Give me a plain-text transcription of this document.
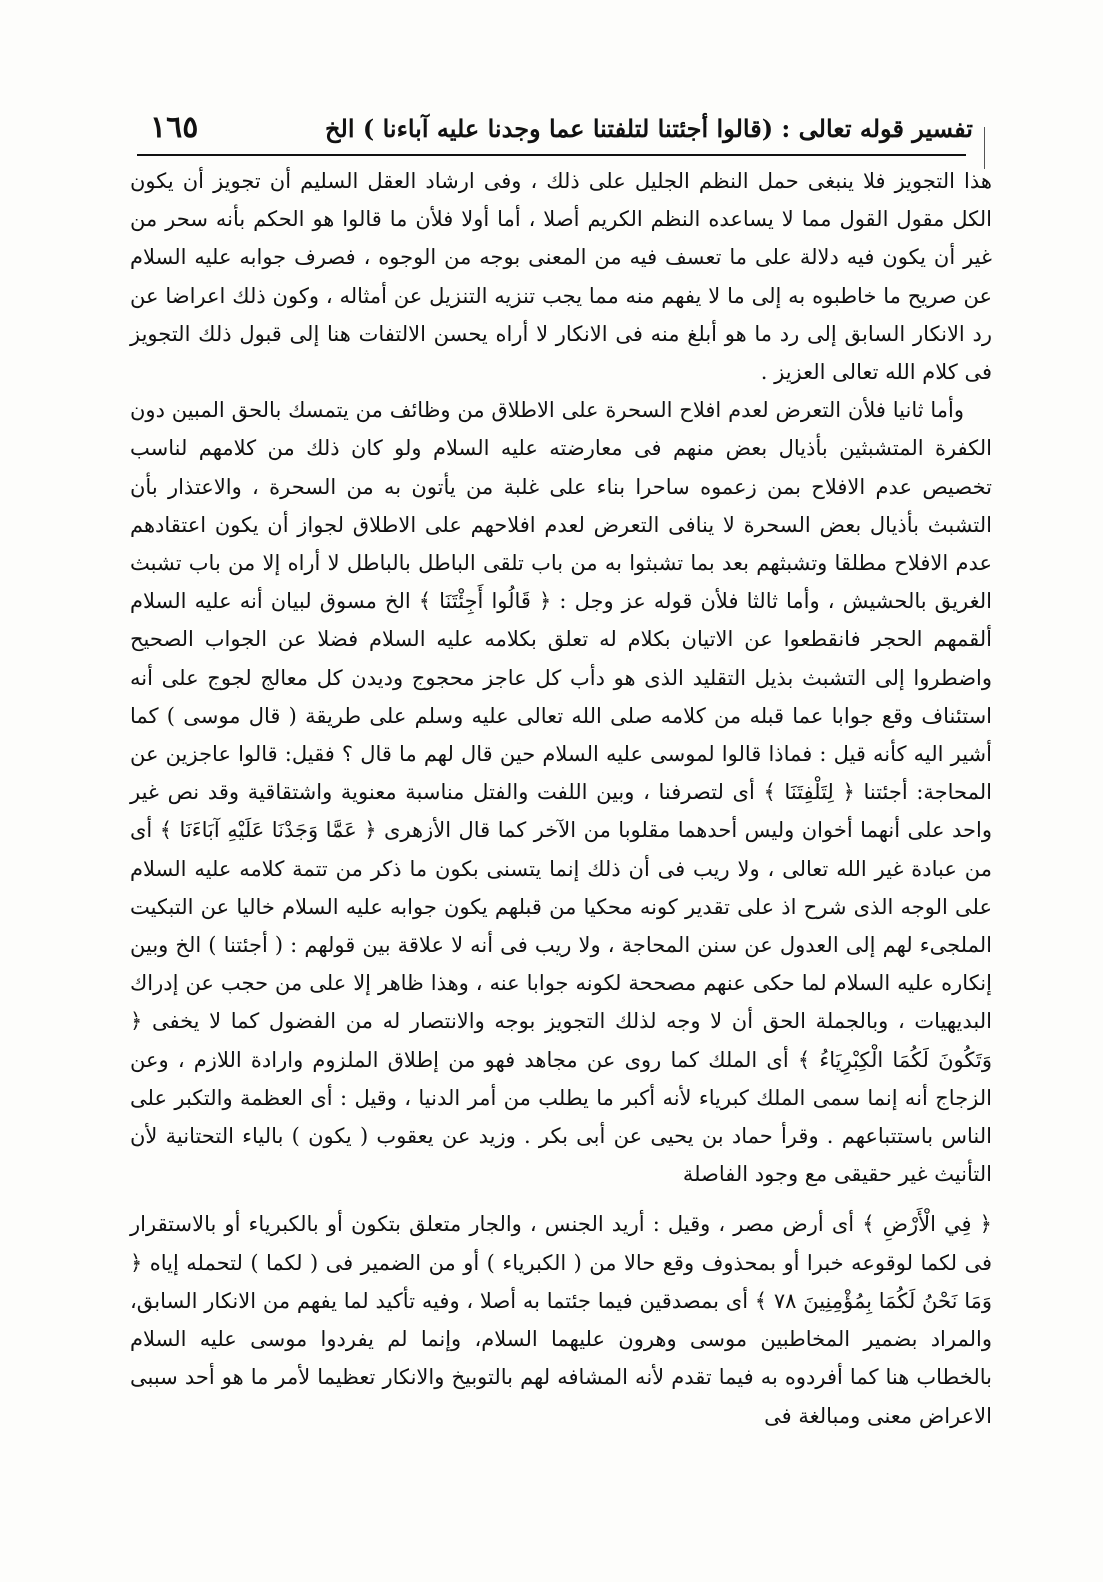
تفسير قوله تعالى : (قالوا أجئتنا لتلفتنا عما وجدنا عليه آباءنا ) الخ
١٦٥

هذا التجويز فلا ينبغى حمل النظم الجليل على ذلك ، وفى ارشاد العقل السليم أن تجويز أن يكون الكل مقول القول مما لا يساعده النظم الكريم أصلا ، أما أولا فلأن ما قالوا هو الحكم بأنه سحر من غير أن يكون فيه دلالة على ما تعسف فيه من المعنى بوجه من الوجوه ، فصرف جوابه عليه السلام عن صريح ما خاطبوه به إلى ما لا يفهم منه مما يجب تنزيه التنزيل عن أمثاله ، وكون ذلك اعراضا عن رد الانكار السابق إلى رد ما هو أبلغ منه فى الانكار لا أراه يحسن الالتفات هنا إلى قبول ذلك التجويز فى كلام الله تعالى العزيز .

وأما ثانيا فلأن التعرض لعدم افلاح السحرة على الاطلاق من وظائف من يتمسك بالحق المبين دون الكفرة المتشبثين بأذيال بعض منهم فى معارضته عليه السلام ولو كان ذلك من كلامهم لناسب تخصيص عدم الافلاح بمن زعموه ساحرا بناء على غلبة من يأتون به من السحرة ، والاعتذار بأن التشبث بأذيال بعض السحرة لا ينافى التعرض لعدم افلاحهم على الاطلاق لجواز أن يكون اعتقادهم عدم الافلاح مطلقا وتشبثهم بعد بما تشبثوا به من باب تلقى الباطل بالباطل لا أراه إلا من باب تشبث الغريق بالحشيش ، وأما ثالثا فلأن قوله عز وجل : ﴿ قَالُوا أَجِئْتَنَا ﴾ الخ مسوق لبيان أنه عليه السلام ألقمهم الحجر فانقطعوا عن الاتيان بكلام له تعلق بكلامه عليه السلام فضلا عن الجواب الصحيح واضطروا إلى التشبث بذيل التقليد الذى هو دأب كل عاجز محجوج وديدن كل معالج لجوج على أنه استئناف وقع جوابا عما قبله من كلامه صلى الله تعالى عليه وسلم على طريقة ( قال موسى ) كما أشير اليه كأنه قيل : فماذا قالوا لموسى عليه السلام حين قال لهم ما قال ؟ فقيل: قالوا عاجزين عن المحاجة: أجئتنا ﴿ لِتَلْفِتَنَا ﴾ أى لتصرفنا ، وبين اللفت والفتل مناسبة معنوية واشتقاقية وقد نص غير واحد على أنهما أخوان وليس أحدهما مقلوبا من الآخر كما قال الأزهرى ﴿ عَمَّا وَجَدْنَا عَلَيْهِ آبَاءَنَا ﴾ أى من عبادة غير الله تعالى ، ولا ريب فى أن ذلك إنما يتسنى بكون ما ذكر من تتمة كلامه عليه السلام على الوجه الذى شرح اذ على تقدير كونه محكيا من قبلهم يكون جوابه عليه السلام خاليا عن التبكيت الملجىء لهم إلى العدول عن سنن المحاجة ، ولا ريب فى أنه لا علاقة بين قولهم : ( أجئتنا ) الخ وبين إنكاره عليه السلام لما حكى عنهم مصححة لكونه جوابا عنه ، وهذا ظاهر إلا على من حجب عن إدراك البديهيات ، وبالجملة الحق أن لا وجه لذلك التجويز بوجه والانتصار له من الفضول كما لا يخفى ﴿ وَتَكُونَ لَكُمَا الْكِبْرِيَاءُ ﴾ أى الملك كما روى عن مجاهد فهو من إطلاق الملزوم وارادة اللازم ، وعن الزجاج أنه إنما سمى الملك كبرياء لأنه أكبر ما يطلب من أمر الدنيا ، وقيل : أى العظمة والتكبر على الناس باستتباعهم . وقرأ حماد بن يحيى عن أبى بكر . وزيد عن يعقوب ( يكون ) بالياء التحتانية لأن التأنيث غير حقيقى مع وجود الفاصلة

﴿ فِي الْأَرْضِ ﴾ أى أرض مصر ، وقيل : أريد الجنس ، والجار متعلق بتكون أو بالكبرياء أو بالاستقرار فى لكما لوقوعه خبرا أو بمحذوف وقع حالا من ( الكبرياء ) أو من الضمير فى ( لكما ) لتحمله إياه ﴿ وَمَا نَحْنُ لَكُمَا بِمُؤْمِنِينَ ٧٨ ﴾ أى بمصدقين فيما جئتما به أصلا ، وفيه تأكيد لما يفهم من الانكار السابق، والمراد بضمير المخاطبين موسى وهرون عليهما السلام، وإنما لم يفردوا موسى عليه السلام بالخطاب هنا كما أفردوه به فيما تقدم لأنه المشافه لهم بالتوبيخ والانكار تعظيما لأمر ما هو أحد سببى الاعراض معنى ومبالغة فى
